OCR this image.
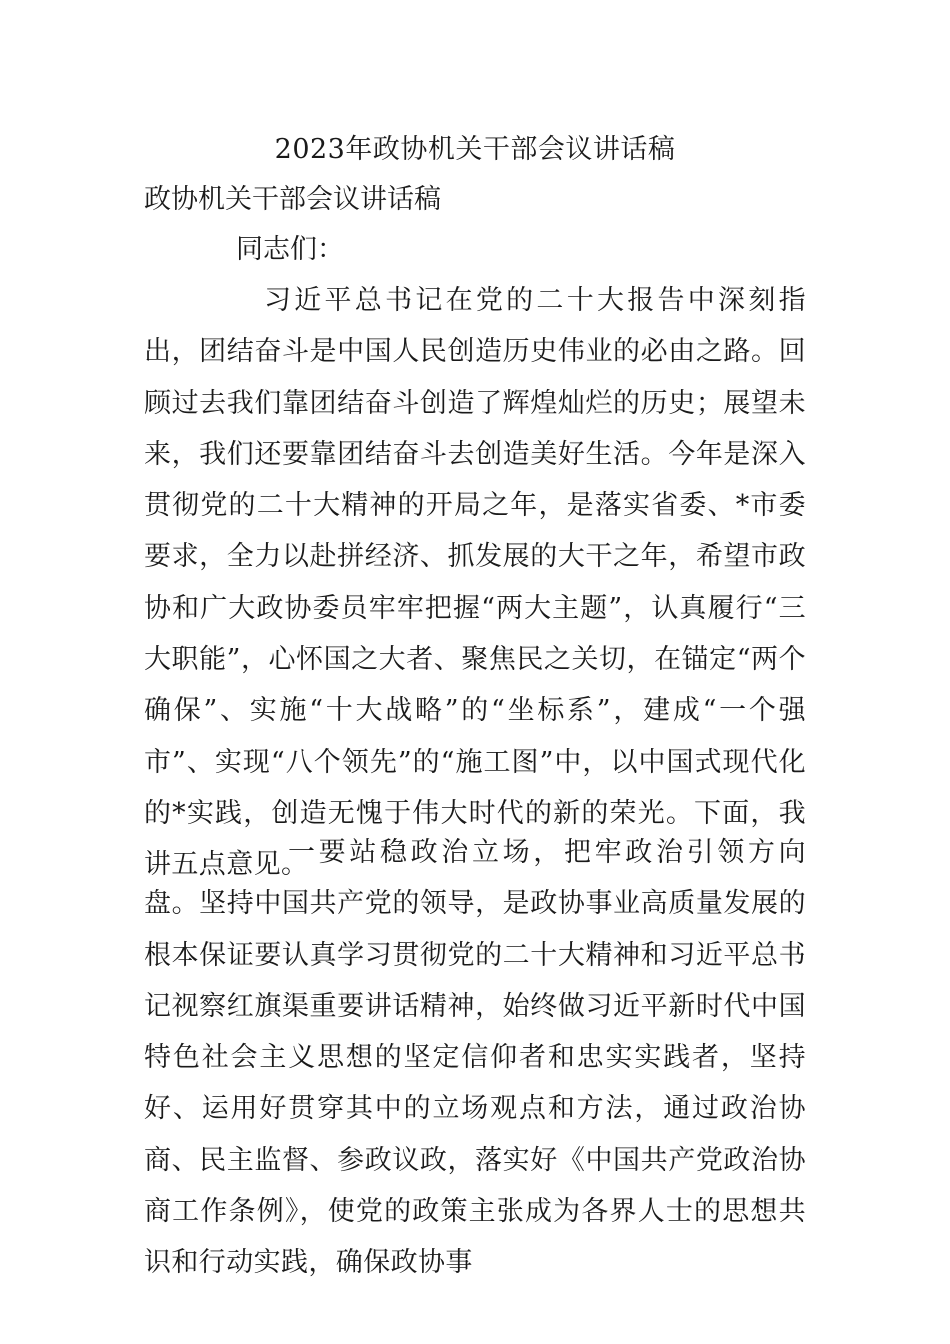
2023年政协机关干部会议讲话稿
政协机关干部会议讲话稿
同志们：

习近平总书记在党的二十大报告中深刻指出，团结奋斗是中国人民创造历史伟业的必由之路。回顾过去我们靠团结奋斗创造了辉煌灿烂的历史；展望未来，我们还要靠团结奋斗去创造美好生活。今年是深入贯彻党的二十大精神的开局之年，是落实省委、*市委要求，全力以赴拼经济、抓发展的大干之年，希望市政协和广大政协委员牢牢把握“两大主题”，认真履行“三大职能”，心怀国之大者、聚焦民之关切，在锚定“两个确保”、实施“十大战略”的“坐标系”，建成“一个强市”、实现“八个领先”的“施工图”中，以中国式现代化的*实践，创造无愧于伟大时代的新的荣光。下面，我讲五点意见。

一要站稳政治立场，把牢政治引领方向盘。坚持中国共产党的领导，是政协事业高质量发展的根本保证要认真学习贯彻党的二十大精神和习近平总书记视察红旗渠重要讲话精神，始终做习近平新时代中国特色社会主义思想的坚定信仰者和忠实实践者，坚持好、运用好贯穿其中的立场观点和方法，通过政治协商、民主监督、参政议政，落实好《中国共产党政治协商工作条例》，使党的政策主张成为各界人士的思想共识和行动实践，确保政协事
